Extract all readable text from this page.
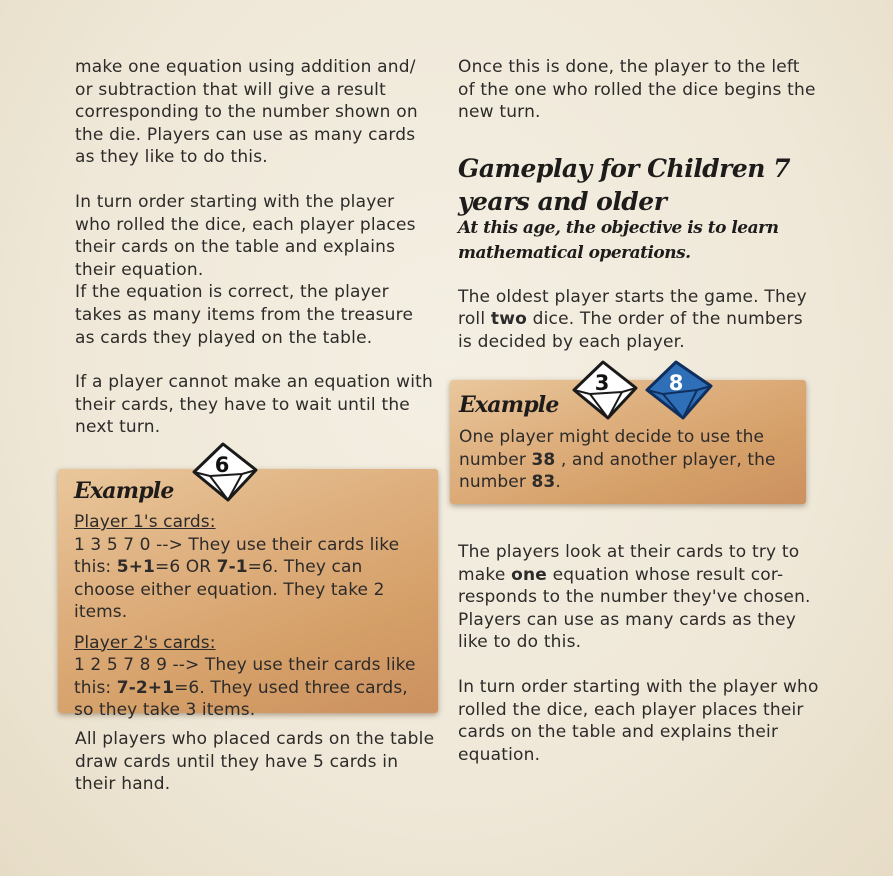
make one equation using addition and/ or subtraction that will give a result corresponding to the number shown on the die. Players can use as many cards as they like to do this.

In turn order starting with the player who rolled the dice, each player places their cards on the table and explains their equation.

If the equation is correct, the player takes as many items from the treasure as cards they played on the table.

If a player cannot make an equation with their cards, they have to wait until the next turn.

Example
Player 1's cards:
1 3 5 7 0 --> They use their cards like this: 5+1=6 OR 7-1=6. They can choose either equation. They take 2 items.
Player 2's cards:
1 2 5 7 8 9 --> They use their cards like this: 7-2+1=6. They used three cards, so they take 3 items.
6

All players who placed cards on the table draw cards until they have 5 cards in their hand.

Once this is done, the player to the left of the one who rolled the dice begins the new turn.

Gameplay for Children 7 years and older
At this age, the objective is to learn mathematical operations.

The oldest player starts the game. They roll two dice. The order of the numbers is decided by each player.

Example
One player might decide to use the number 38 , and another player, the number 83.
3	8

The players look at their cards to try to make one equation whose result cor-responds to the number they've chosen. Players can use as many cards as they like to do this.

In turn order starting with the player who rolled the dice, each player places their cards on the table and explains their equation.
